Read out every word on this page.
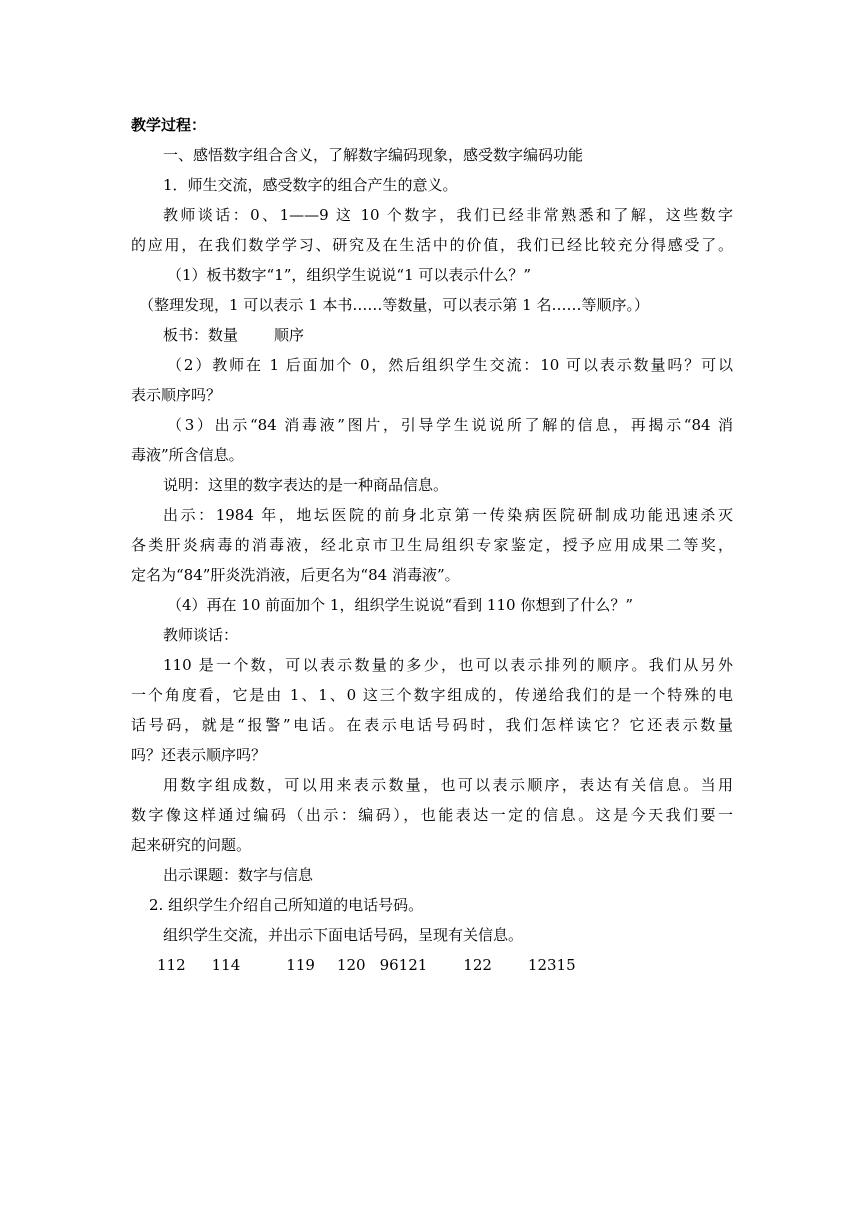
教学过程：

一、感悟数字组合含义，了解数字编码现象，感受数字编码功能

1．师生交流，感受数字的组合产生的意义。

教师谈话：0、1——9 这 10 个数字，我们已经非常熟悉和了解，这些数字

的应用，在我们数学学习、研究及在生活中的价值，我们已经比较充分得感受了。

（1）板书数字“1”，组织学生说说“1 可以表示什么？”

（整理发现，1 可以表示 1 本书……等数量，可以表示第 1 名……等顺序。）

板书：数量 顺序

（2）教师在 1 后面加个 0，然后组织学生交流：10 可以表示数量吗？可以

表示顺序吗？

（3）出示“84 消毒液”图片，引导学生说说所了解的信息，再揭示“84 消

毒液”所含信息。

说明：这里的数字表达的是一种商品信息。

出示：1984 年，地坛医院的前身北京第一传染病医院研制成功能迅速杀灭

各类肝炎病毒的消毒液，经北京市卫生局组织专家鉴定，授予应用成果二等奖，

定名为“84”肝炎洗消液，后更名为“84 消毒液”。

（4）再在 10 前面加个 1，组织学生说说“看到 110 你想到了什么？”

教师谈话：

110 是一个数，可以表示数量的多少，也可以表示排列的顺序。我们从另外

一个角度看，它是由 1、1、0 这三个数字组成的，传递给我们的是一个特殊的电

话号码，就是“报警”电话。在表示电话号码时，我们怎样读它？它还表示数量

吗？还表示顺序吗？

用数字组成数，可以用来表示数量，也可以表示顺序，表达有关信息。当用

数字像这样通过编码（出示：编码），也能表达一定的信息。这是今天我们要一

起来研究的问题。

出示课题：数字与信息

2. 组织学生介绍自己所知道的电话号码。

组织学生交流，并出示下面电话号码，呈现有关信息。

112 114	119 120 96121 122 12315
